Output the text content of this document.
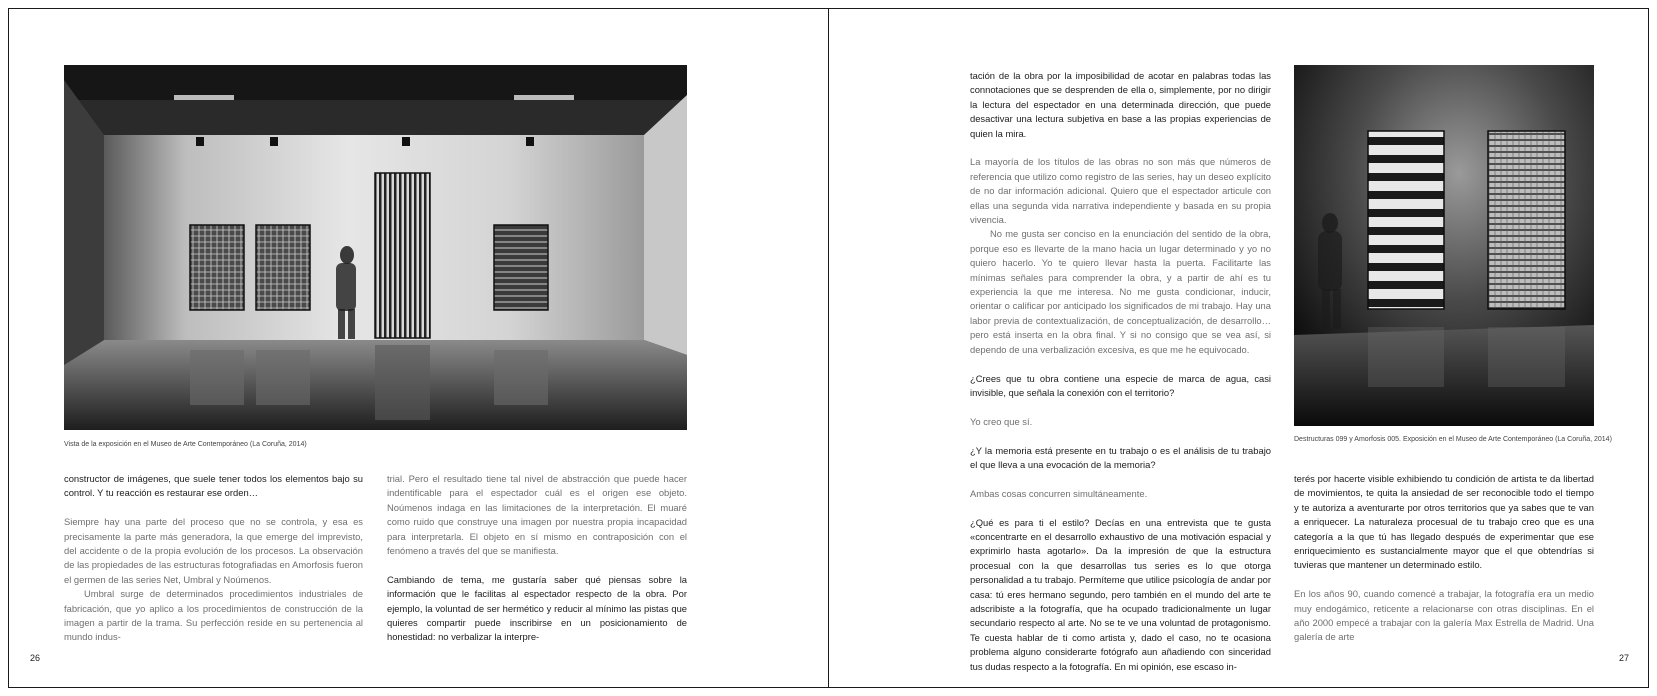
Vista de la exposición en el Museo de Arte Contemporáneo (La Coruña, 2014)

constructor de imágenes, que suele tener todos los elementos bajo su control. Y tu reacción es restaurar ese orden…

Siempre hay una parte del proceso que no se controla, y esa es precisamente la parte más generadora, la que emerge del imprevisto, del accidente o de la propia evolución de los procesos. La observación de las propiedades de las estructuras fotografiadas en Amorfosis fueron el germen de las series Net, Umbral y Noúmenos.

Umbral surge de determinados procedimientos industriales de fabricación, que yo aplico a los procedimientos de construcción de la imagen a partir de la trama. Su perfección reside en su pertenencia al mundo indus-

trial. Pero el resultado tiene tal nivel de abstracción que puede hacer indentificable para el espectador cuál es el origen ese objeto. Noúmenos indaga en las limitaciones de la interpretación. El muaré como ruido que construye una imagen por nuestra propia incapacidad para interpretarla. El objeto en sí mismo en contraposición con el fenómeno a través del que se manifiesta.

Cambiando de tema, me gustaría saber qué piensas sobre la información que le facilitas al espectador respecto de la obra. Por ejemplo, la voluntad de ser hermético y reducir al mínimo las pistas que quieres compartir puede inscribirse en un posicionamiento de honestidad: no verbalizar la interpre-

26

tación de la obra por la imposibilidad de acotar en palabras todas las connotaciones que se desprenden de ella o, simplemente, por no dirigir la lectura del espectador en una determinada dirección, que puede desactivar una lectura subjetiva en base a las propias experiencias de quien la mira.

La mayoría de los títulos de las obras no son más que números de referencia que utilizo como registro de las series, hay un deseo explícito de no dar información adicional. Quiero que el espectador articule con ellas una segunda vida narrativa independiente y basada en su propia vivencia.

No me gusta ser conciso en la enunciación del sentido de la obra, porque eso es llevarte de la mano hacia un lugar determinado y yo no quiero hacerlo. Yo te quiero llevar hasta la puerta. Facilitarte las mínimas señales para comprender la obra, y a partir de ahí es tu experiencia la que me interesa. No me gusta condicionar, inducir, orientar o calificar por anticipado los significados de mi trabajo. Hay una labor previa de contextualización, de conceptualización, de desarrollo… pero está inserta en la obra final. Y si no consigo que se vea así, si dependo de una verbalización excesiva, es que me he equivocado.

¿Crees que tu obra contiene una especie de marca de agua, casi invisible, que señala la conexión con el territorio?

Yo creo que sí.

¿Y la memoria está presente en tu trabajo o es el análisis de tu trabajo el que lleva a una evocación de la memoria?

Ambas cosas concurren simultáneamente.

¿Qué es para ti el estilo? Decías en una entrevista que te gusta «concentrarte en el desarrollo exhaustivo de una motivación espacial y exprimirlo hasta agotarlo». Da la impresión de que la estructura procesual con la que desarrollas tus series es lo que otorga personalidad a tu trabajo. Permíteme que utilice psicología de andar por casa: tú eres hermano segundo, pero también en el mundo del arte te adscribiste a la fotografía, que ha ocupado tradicionalmente un lugar secundario respecto al arte. No se te ve una voluntad de protagonismo. Te cuesta hablar de ti como artista y, dado el caso, no te ocasiona problema alguno considerarte fotógrafo aun añadiendo con sinceridad tus dudas respecto a la fotografía. En mi opinión, ese escaso in-

Destructuras 099 y Amorfosis 005. Exposición en el Museo de Arte Contemporáneo (La Coruña, 2014)

terés por hacerte visible exhibiendo tu condición de artista te da libertad de movimientos, te quita la ansiedad de ser reconocible todo el tiempo y te autoriza a aventurarte por otros territorios que ya sabes que te van a enriquecer. La naturaleza procesual de tu trabajo creo que es una categoría a la que tú has llegado después de experimentar que ese enriquecimiento es sustancialmente mayor que el que obtendrías si tuvieras que mantener un determinado estilo.

En los años 90, cuando comencé a trabajar, la fotografía era un medio muy endogámico, reticente a relacionarse con otras disciplinas. En el año 2000 empecé a trabajar con la galería Max Estrella de Madrid. Una galería de arte

27
